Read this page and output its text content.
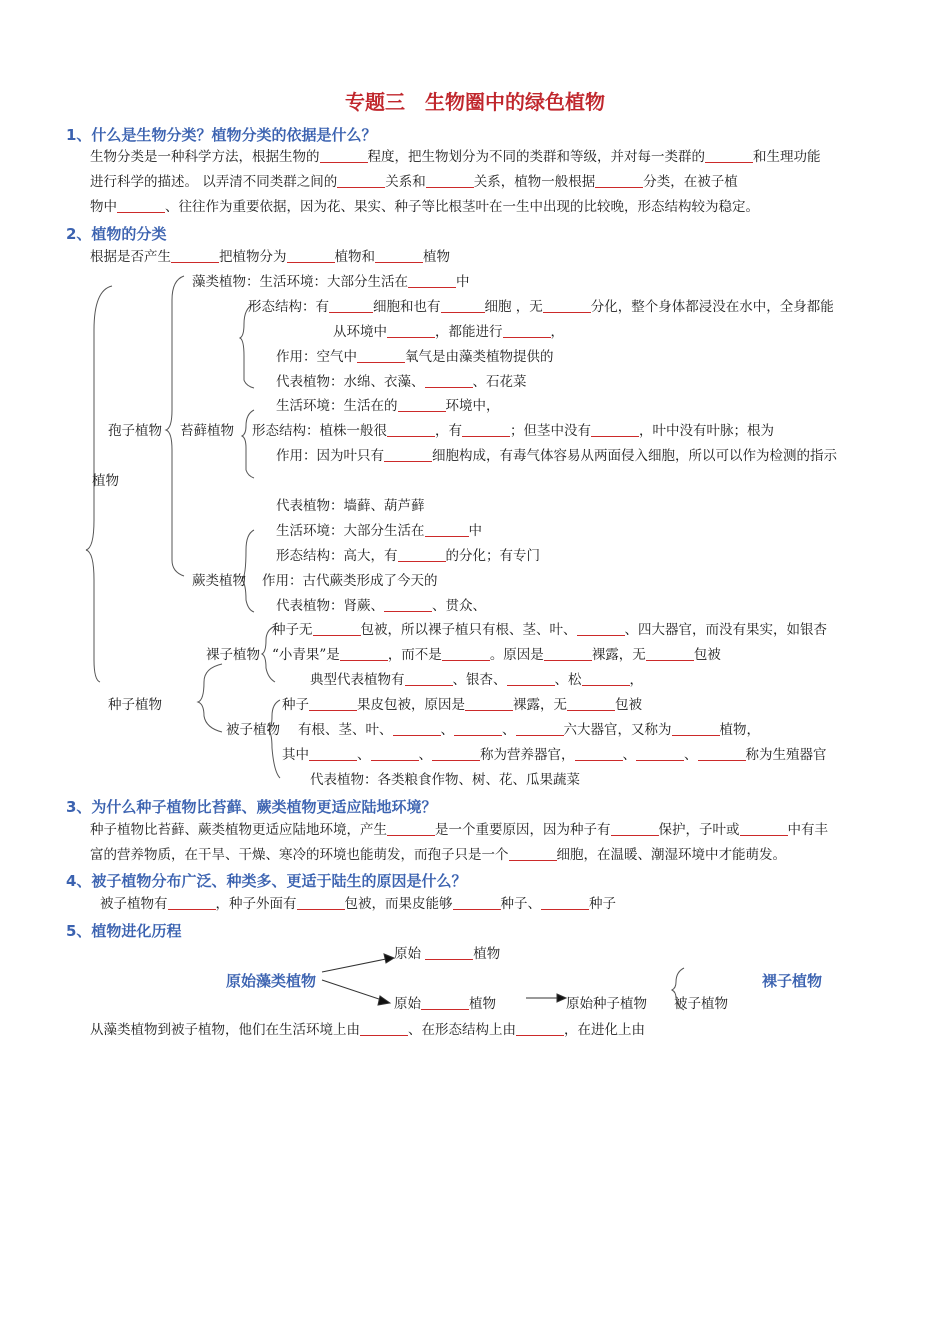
专题三　生物圈中的绿色植物
1、什么是生物分类？植物分类的依据是什么？
生物分类是一种科学方法，根据生物的	程度，把生物划分为不同的类群和等级，并对每一类群的	和生理功能
进行科学的描述。 以弄清不同类群之间的	关系和	关系，植物一般根据	分类，在被子植
物中	、往往作为重要依据，因为花、果实、种子等比根茎叶在一生中出现的比较晚，形态结构较为稳定。
2、植物的分类
根据是否产生	把植物分为	植物和	植物
孢子植物
植物
种子植物
藻类植物：生活环境：大部分生活在	中
形态结构：有	细胞和也有	细胞 ，无	分化，整个身体都浸没在水中，全身都能
从环境中	，都能进行	，
作用：空气中	氧气是由藻类植物提供的
代表植物：水绵、衣藻、	、石花菜
生活环境：生活在的	环境中，
苔藓植物 形态结构：植株一般很	，有	；但茎中没有	，叶中没有叶脉；根为
作用：因为叶只有	细胞构成，有毒气体容易从两面侵入细胞，所以可以作为检测的指示
代表植物：墙藓、葫芦藓
生活环境：大部分生活在	中
形态结构：高大，有	的分化；有专门
蕨类植物 作用：古代蕨类形成了今天的
代表植物：肾蕨、	、贯众、
种子无	包被，所以裸子植只有根、茎、叶、	、四大器官，而没有果实，如银杏
裸子植物 “小青果”是	，而不是	。原因是	裸露，无	包被
典型代表植物有	、银杏、	、松	，
种子	果皮包被，原因是	裸露，无	包被
被子植物 有根、茎、叶、	、	、	六大器官，又称为	植物，
其中	、	、	称为营养器官，	、	、	称为生殖器官
代表植物：各类粮食作物、树、花、瓜果蔬菜
3、为什么种子植物比苔藓、蕨类植物更适应陆地环境？
种子植物比苔藓、蕨类植物更适应陆地环境，产生	是一个重要原因，因为种子有	保护，子叶或	中有丰
富的营养物质，在干旱、干燥、寒冷的环境也能萌发，而孢子只是一个	细胞，在温暖、潮湿环境中才能萌发。
4、被子植物分布广泛、种类多、更适于陆生的原因是什么？
被子植物有	，种子外面有	包被，而果皮能够	种子、	种子
5、植物进化历程
原始藻类植物
原始	植物
原始	植物	原始种子植物 被子植物
裸子植物
从藻类植物到被子植物，他们在生活环境上由	、在形态结构上由	，在进化上由
